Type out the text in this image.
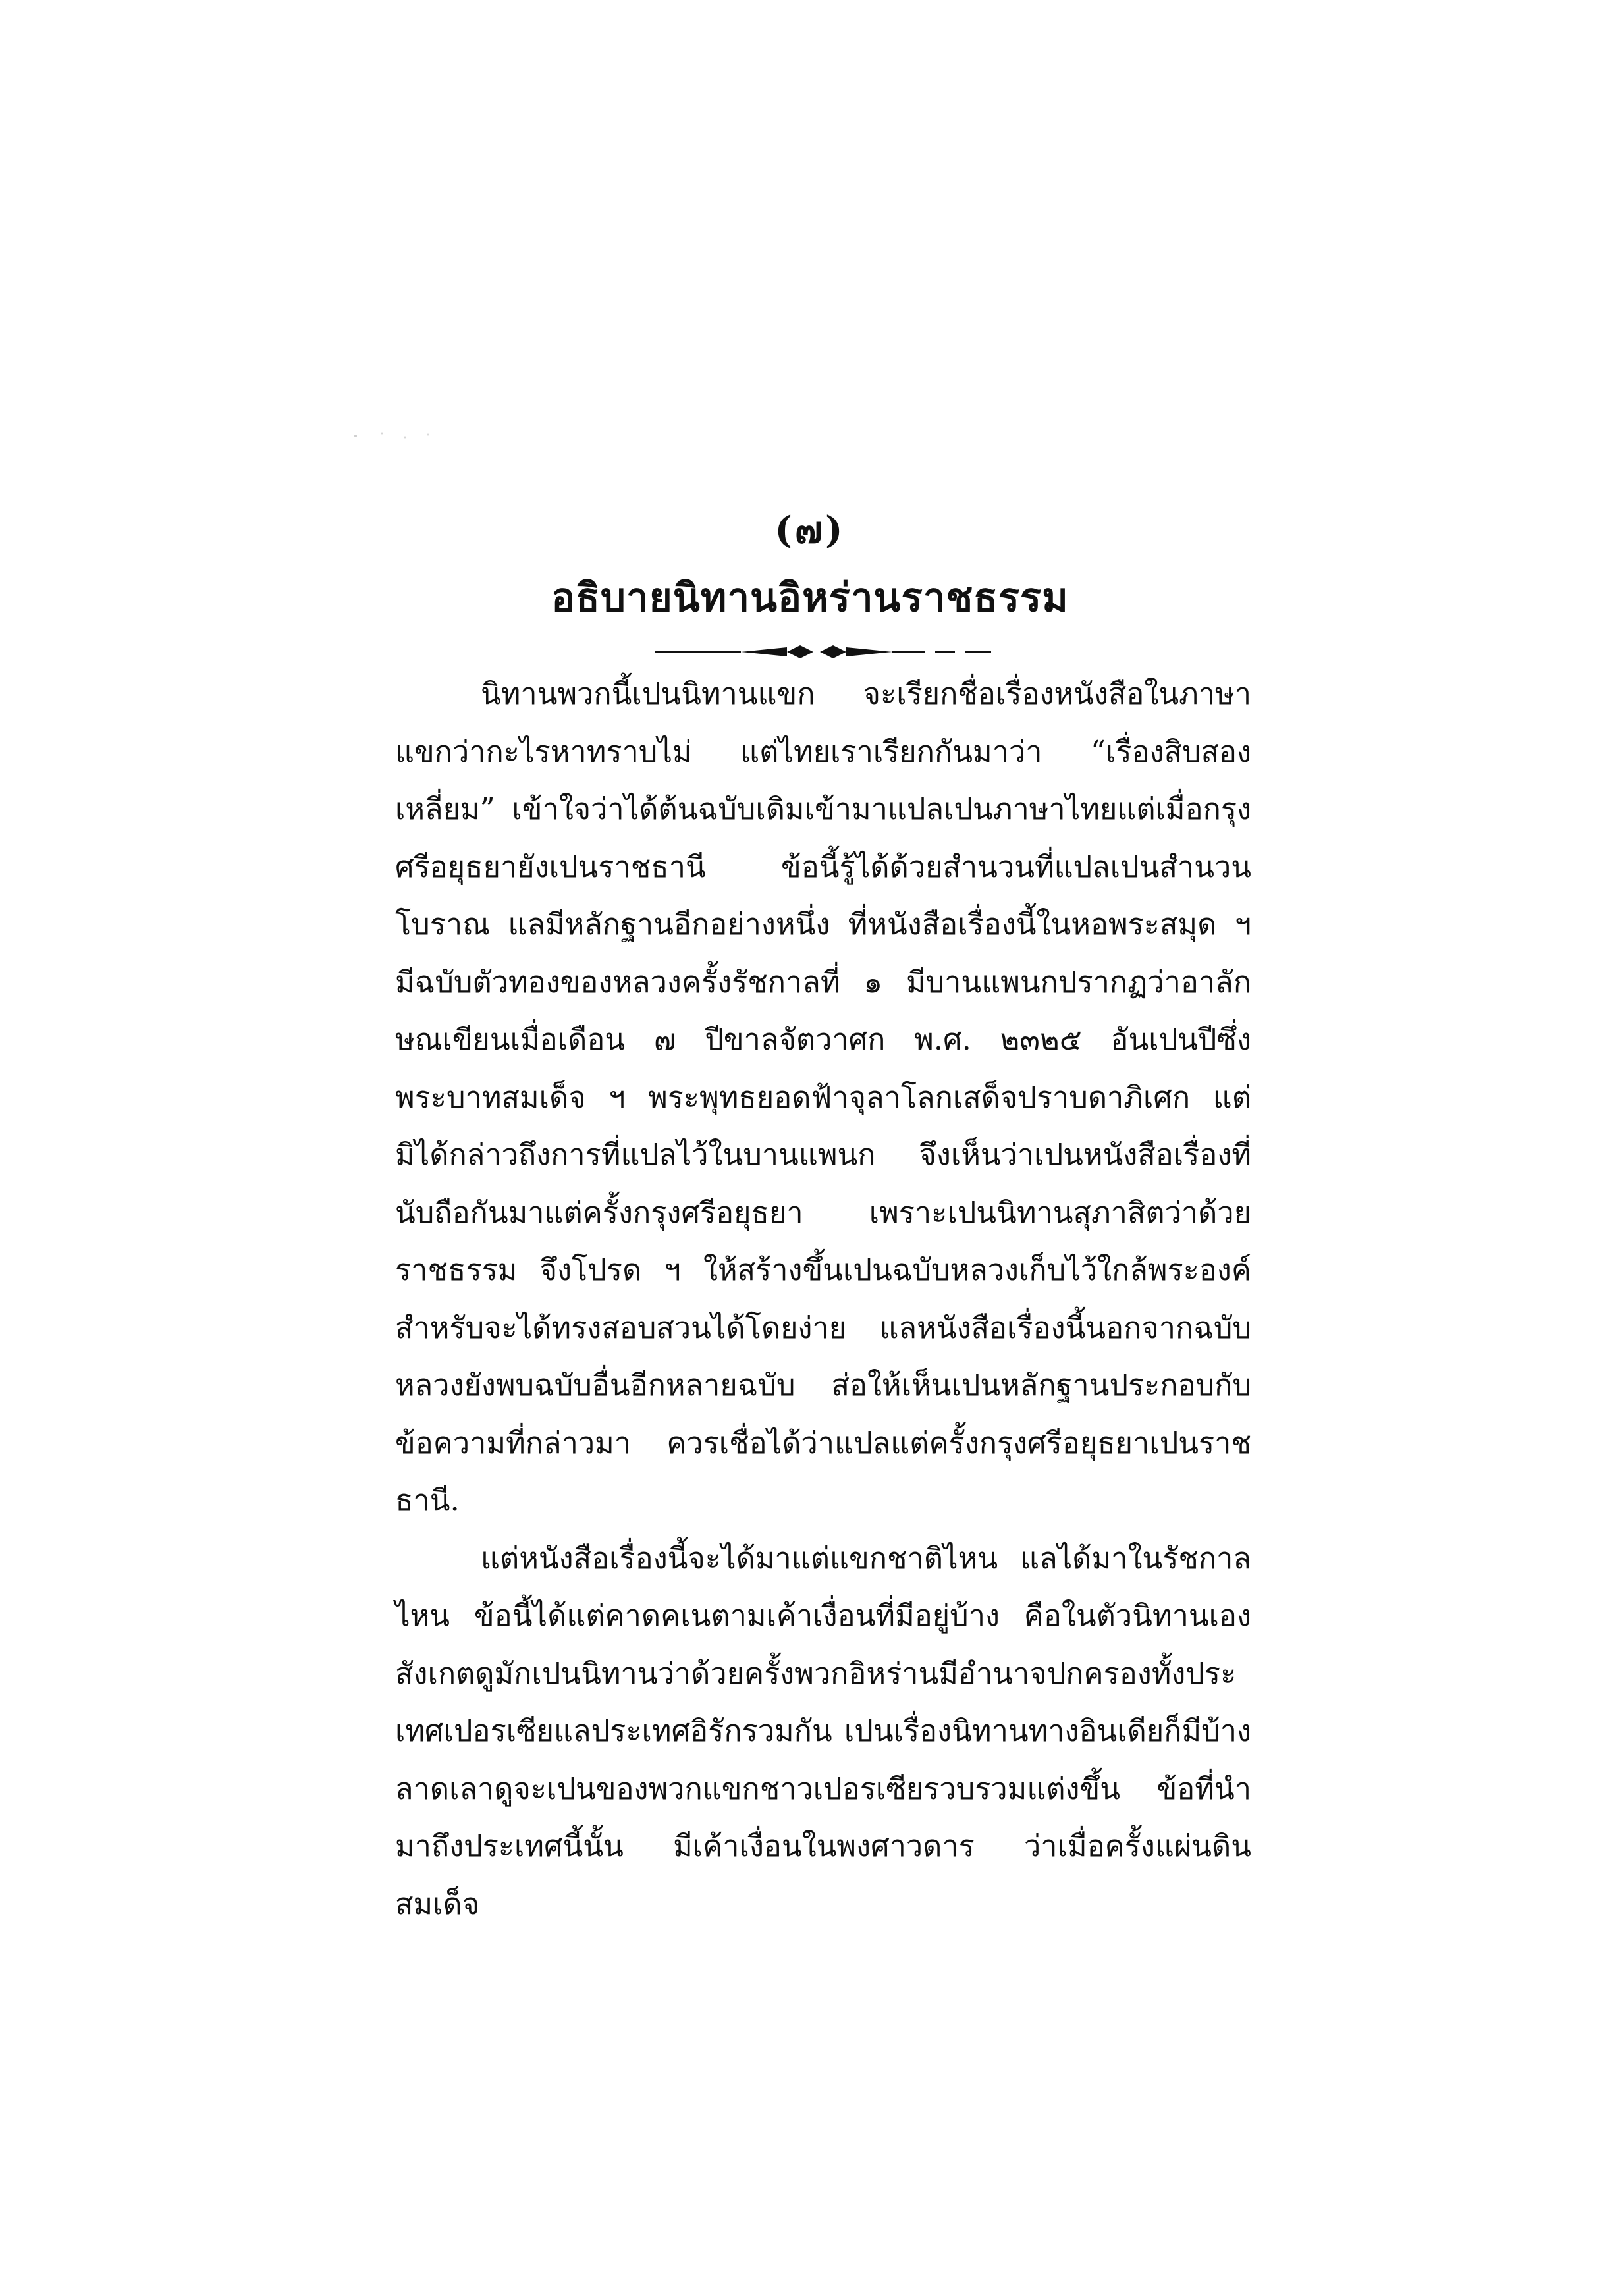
(๗)
อธิบายนิทานอิหร่านราชธรรม

นิทานพวกนี้เปนนิทานแขก จะเรียกชื่อเรื่องหนังสือในภาษาแขกว่ากะไรหาทราบไม่ แต่ไทยเราเรียกกันมาว่า “เรื่องสิบสองเหลี่ยม” เข้าใจว่าได้ต้นฉบับเดิมเข้ามาแปลเปนภาษาไทยแต่เมื่อกรุงศรีอยุธยายังเปนราชธานี ข้อนี้รู้ได้ด้วยสำนวนที่แปลเปนสำนวนโบราณ แลมีหลักฐานอีกอย่างหนึ่ง ที่หนังสือเรื่องนี้ในหอพระสมุด ฯ มีฉบับตัวทองของหลวงครั้งรัชกาลที่ ๑ มีบานแพนกปรากฏว่าอาลักษณเขียนเมื่อเดือน ๗ ปีขาลจัตวาศก พ.ศ. ๒๓๒๕ อันเปนปีซึ่งพระบาทสมเด็จ ฯ พระพุทธยอดฟ้าจุลาโลกเสด็จปราบดาภิเศก แต่มิได้กล่าวถึงการที่แปลไว้ในบานแพนก จึงเห็นว่าเปนหนังสือเรื่องที่นับถือกันมาแต่ครั้งกรุงศรีอยุธยา เพราะเปนนิทานสุภาสิตว่าด้วยราชธรรม จึงโปรด ฯ ให้สร้างขึ้นเปนฉบับหลวงเก็บไว้ใกล้พระองค์สำหรับจะได้ทรงสอบสวนได้โดยง่าย แลหนังสือเรื่องนี้นอกจากฉบับหลวงยังพบฉบับอื่นอีกหลายฉบับ ส่อให้เห็นเปนหลักฐานประกอบกับข้อความที่กล่าวมา ควรเชื่อได้ว่าแปลแต่ครั้งกรุงศรีอยุธยาเปนราชธานี.

แต่หนังสือเรื่องนี้จะได้มาแต่แขกชาติไหน แลได้มาในรัชกาลไหน ข้อนี้ได้แต่คาดคเนตามเค้าเงื่อนที่มีอยู่บ้าง คือในตัวนิทานเองสังเกตดูมักเปนนิทานว่าด้วยครั้งพวกอิหร่านมีอำนาจปกครองทั้งประเทศเปอรเซียแลประเทศอิรักรวมกัน เปนเรื่องนิทานทางอินเดียก็มีบ้าง ลาดเลาดูจะเปนของพวกแขกชาวเปอรเซียรวบรวมแต่งขึ้น ข้อที่นำมาถึงประเทศนี้นั้น มีเค้าเงื่อนในพงศาวดาร ว่าเมื่อครั้งแผ่นดินสมเด็จ
